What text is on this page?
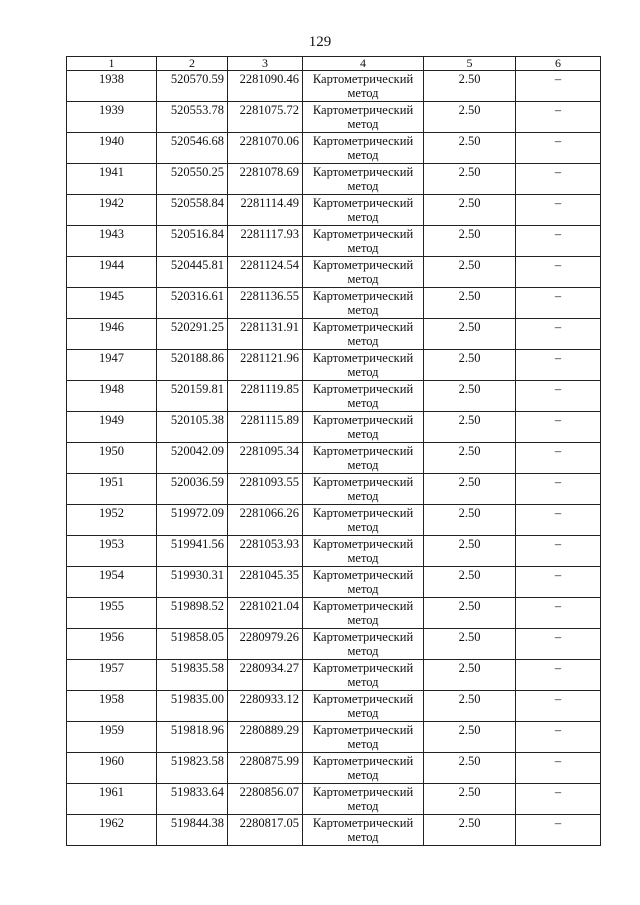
129
1	2	3	4	5	6
1938	520570.59	2281090.46	Картометрический метод	2.50	–
1939	520553.78	2281075.72	Картометрический метод	2.50	–
1940	520546.68	2281070.06	Картометрический метод	2.50	–
1941	520550.25	2281078.69	Картометрический метод	2.50	–
1942	520558.84	2281114.49	Картометрический метод	2.50	–
1943	520516.84	2281117.93	Картометрический метод	2.50	–
1944	520445.81	2281124.54	Картометрический метод	2.50	–
1945	520316.61	2281136.55	Картометрический метод	2.50	–
1946	520291.25	2281131.91	Картометрический метод	2.50	–
1947	520188.86	2281121.96	Картометрический метод	2.50	–
1948	520159.81	2281119.85	Картометрический метод	2.50	–
1949	520105.38	2281115.89	Картометрический метод	2.50	–
1950	520042.09	2281095.34	Картометрический метод	2.50	–
1951	520036.59	2281093.55	Картометрический метод	2.50	–
1952	519972.09	2281066.26	Картометрический метод	2.50	–
1953	519941.56	2281053.93	Картометрический метод	2.50	–
1954	519930.31	2281045.35	Картометрический метод	2.50	–
1955	519898.52	2281021.04	Картометрический метод	2.50	–
1956	519858.05	2280979.26	Картометрический метод	2.50	–
1957	519835.58	2280934.27	Картометрический метод	2.50	–
1958	519835.00	2280933.12	Картометрический метод	2.50	–
1959	519818.96	2280889.29	Картометрический метод	2.50	–
1960	519823.58	2280875.99	Картометрический метод	2.50	–
1961	519833.64	2280856.07	Картометрический метод	2.50	–
1962	519844.38	2280817.05	Картометрический метод	2.50	–
